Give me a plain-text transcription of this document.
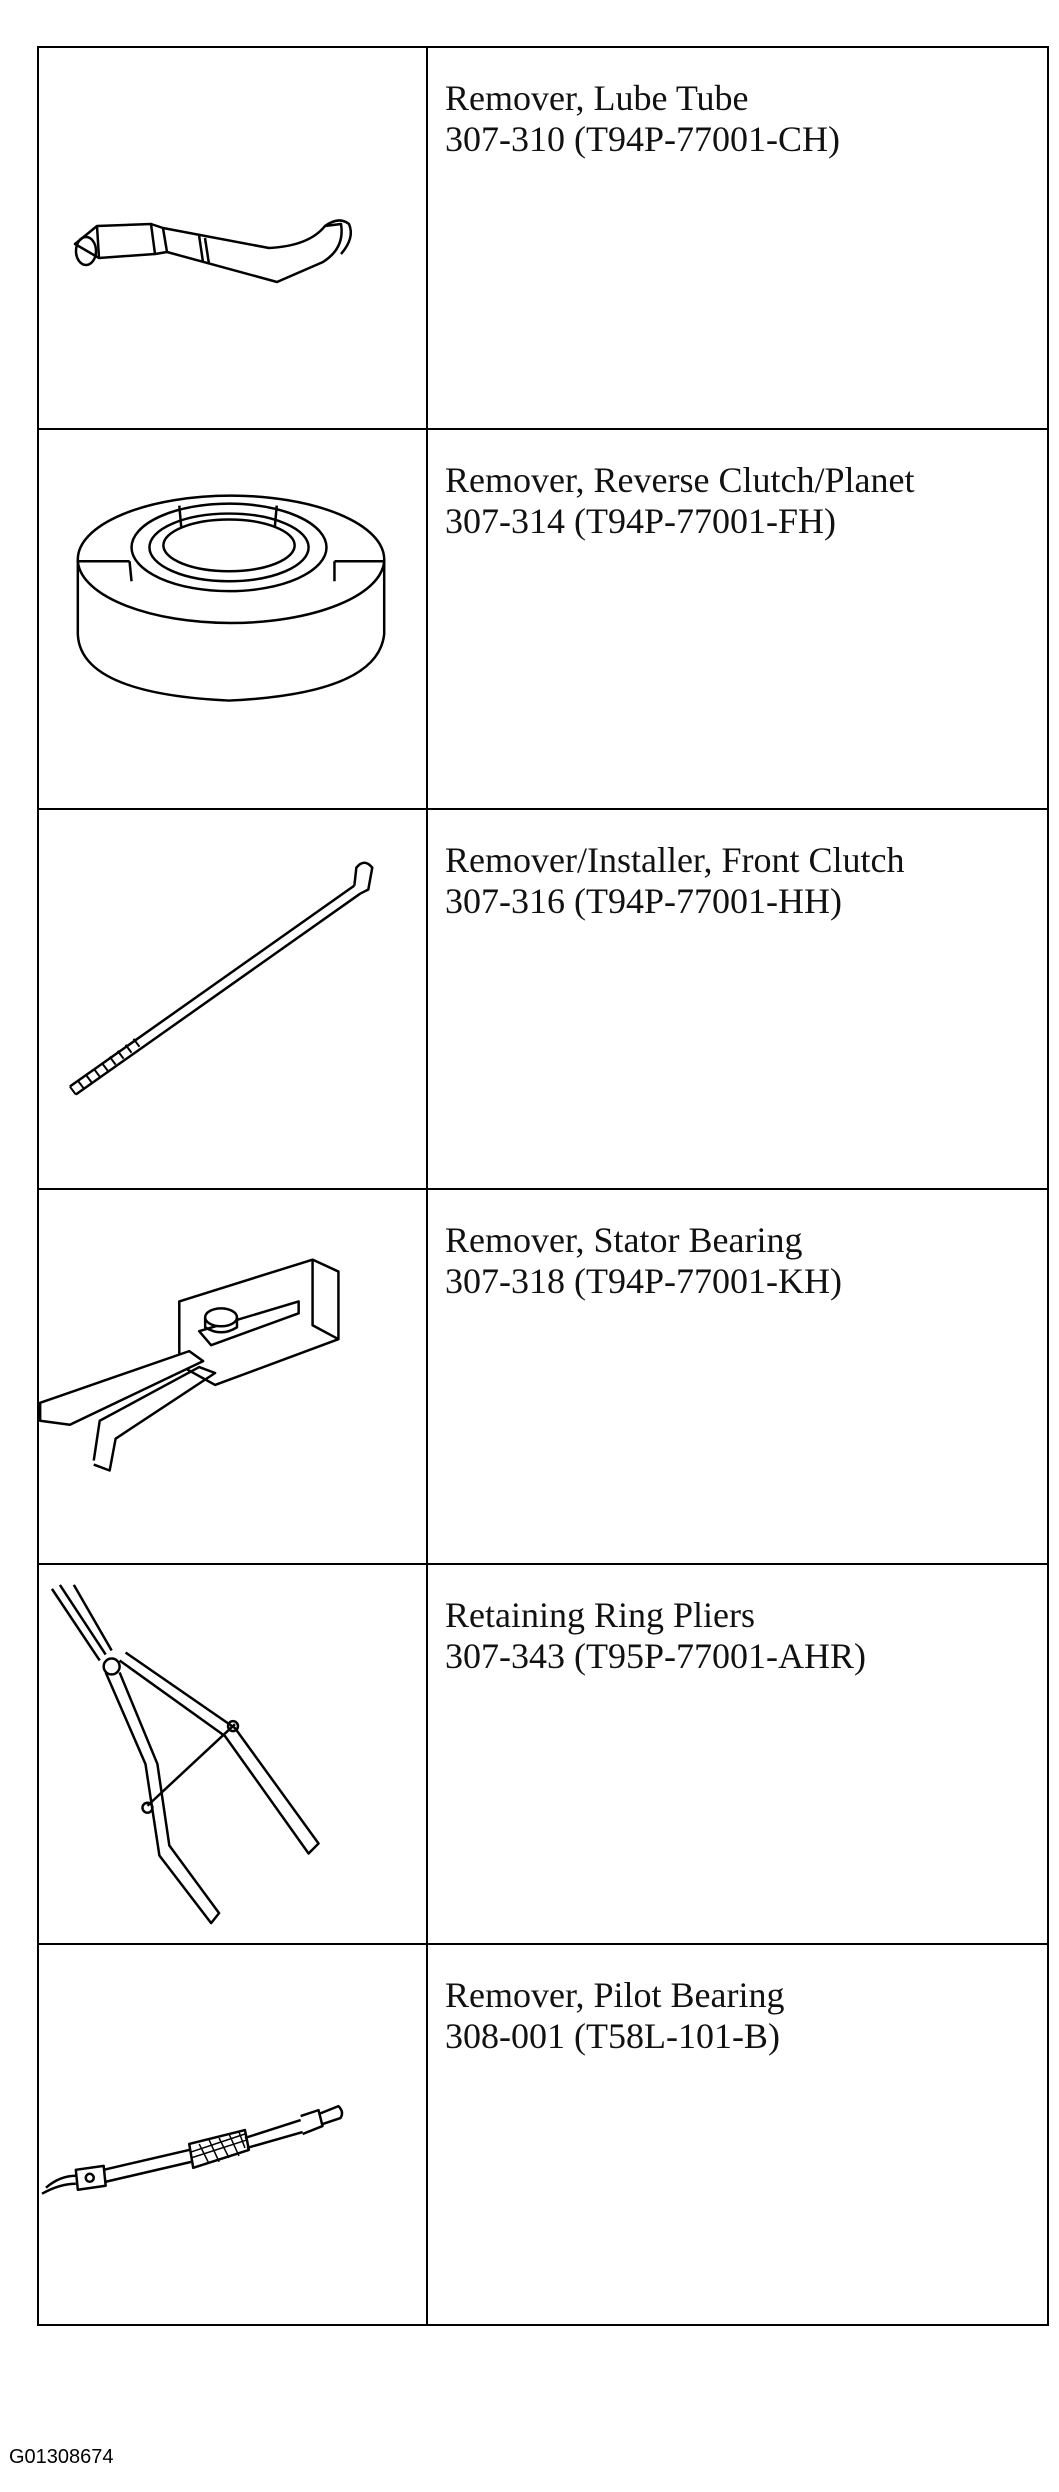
Remover, Lube Tube
307-310 (T94P-77001-CH)
Remover, Reverse Clutch/Planet
307-314 (T94P-77001-FH)
Remover/Installer, Front Clutch
307-316 (T94P-77001-HH)
Remover, Stator Bearing
307-318 (T94P-77001-KH)
Retaining Ring Pliers
307-343 (T95P-77001-AHR)
Remover, Pilot Bearing
308-001 (T58L-101-B)
G01308674
